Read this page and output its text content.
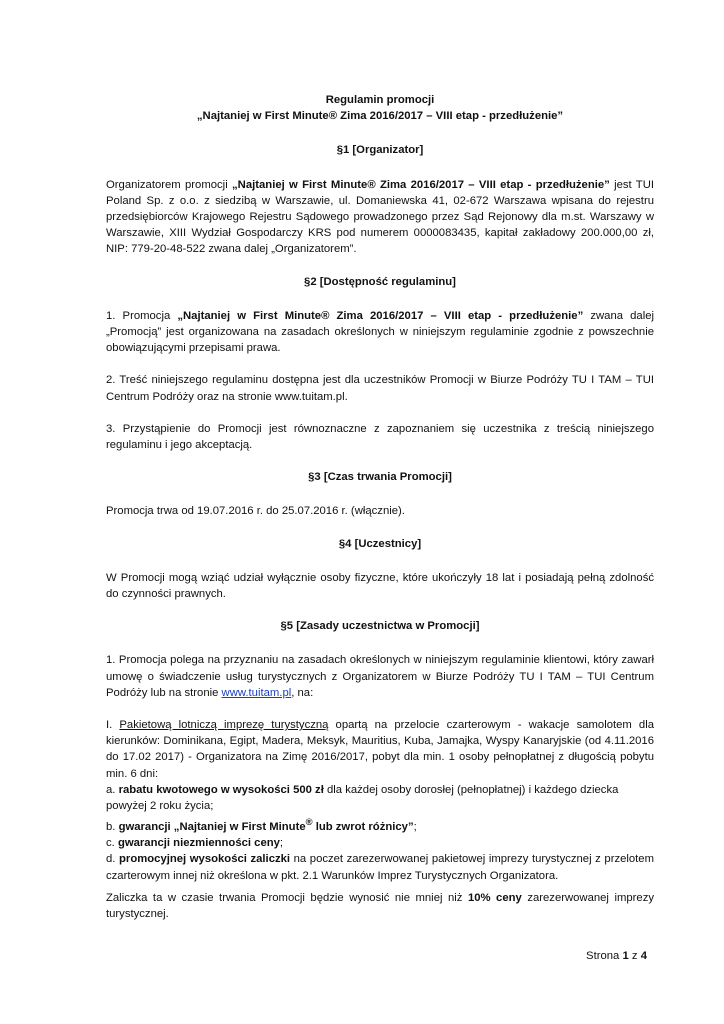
Regulamin promocji
„Najtaniej w First Minute® Zima 2016/2017 – VIII etap - przedłużenie”

§1 [Organizator]

Organizatorem promocji „Najtaniej w First Minute® Zima 2016/2017 – VIII etap - przedłużenie” jest TUI Poland Sp. z o.o. z siedzibą w Warszawie, ul. Domaniewska 41, 02-672 Warszawa wpisana do rejestru przedsiębiorców Krajowego Rejestru Sądowego prowadzonego przez Sąd Rejonowy dla m.st. Warszawy w Warszawie, XIII Wydział Gospodarczy KRS pod numerem 0000083435, kapitał zakładowy 200.000,00 zł, NIP: 779-20-48-522 zwana dalej „Organizatorem”.

§2 [Dostępność regulaminu]

1. Promocja „Najtaniej w First Minute® Zima 2016/2017 – VIII etap - przedłużenie” zwana dalej „Promocją” jest organizowana na zasadach określonych w niniejszym regulaminie zgodnie z powszechnie obowiązującymi przepisami prawa.

2. Treść niniejszego regulaminu dostępna jest dla uczestników Promocji w Biurze Podróży TU I TAM – TUI Centrum Podróży oraz na stronie www.tuitam.pl.

3. Przystąpienie do Promocji jest równoznaczne z zapoznaniem się uczestnika z treścią niniejszego regulaminu i jego akceptacją.

§3 [Czas trwania Promocji]

Promocja trwa od 19.07.2016 r. do 25.07.2016 r. (włącznie).

§4 [Uczestnicy]

W Promocji mogą wziąć udział wyłącznie osoby fizyczne, które ukończyły 18 lat i posiadają pełną zdolność do czynności prawnych.

§5 [Zasady uczestnictwa w Promocji]

1. Promocja polega na przyznaniu na zasadach określonych w niniejszym regulaminie klientowi, który zawarł umowę o świadczenie usług turystycznych z Organizatorem w Biurze Podróży TU I TAM – TUI Centrum Podróży lub na stronie www.tuitam.pl, na:

I. Pakietową lotniczą imprezę turystyczną opartą na przelocie czarterowym - wakacje samolotem dla kierunków: Dominikana, Egipt, Madera, Meksyk, Mauritius, Kuba, Jamajka, Wyspy Kanaryjskie (od 4.11.2016 do 17.02 2017) - Organizatora na Zimę 2016/2017, pobyt dla min. 1 osoby pełnopłatnej z długością pobytu min. 6 dni:

a. rabatu kwotowego w wysokości 500 zł dla każdej osoby dorosłej (pełnopłatnej) i każdego dziecka powyżej 2 roku życia;

b. gwarancji „Najtaniej w First Minute® lub zwrot różnicy”;

c. gwarancji niezmienności ceny;

d. promocyjnej wysokości zaliczki na poczet zarezerwowanej pakietowej imprezy turystycznej z przelotem czarterowym innej niż określona w pkt. 2.1 Warunków Imprez Turystycznych Organizatora.

Zaliczka ta w czasie trwania Promocji będzie wynosić nie mniej niż 10% ceny zarezerwowanej imprezy turystycznej.

Strona 1 z 4
